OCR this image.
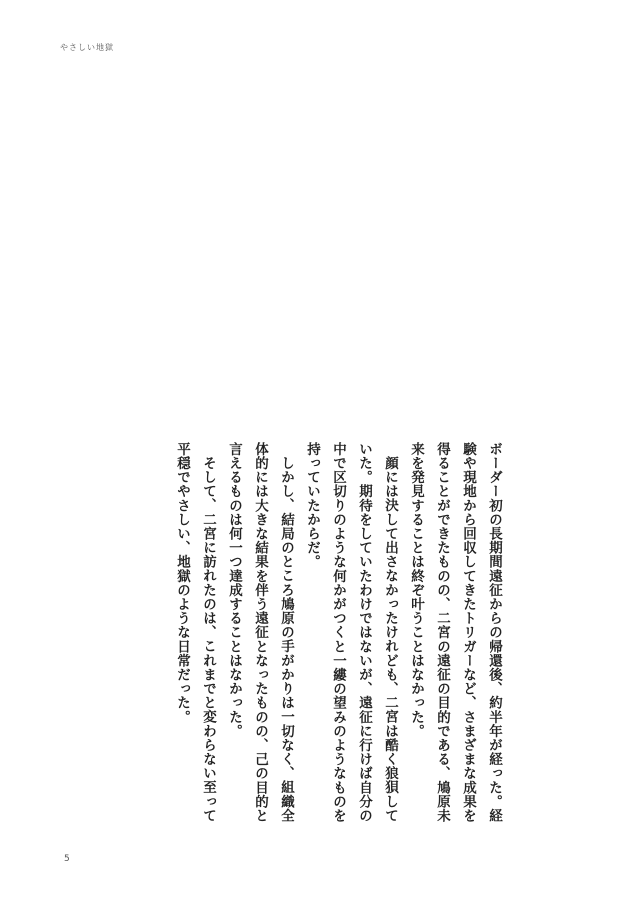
やさしい地獄

ボーダー初の長期間遠征からの帰還後、約半年が経った。経験や現地から回収してきたトリガーなど、さまざまな成果を得ることができたものの、二宮の遠征の目的である、鳩原未来を発見することは終ぞ叶うことはなかった。

顔には決して出さなかったけれども、二宮は酷く狼狽していた。期待をしていたわけではないが、遠征に行けば自分の中で区切りのような何かがつくと一縷の望みのようなものを持っていたからだ。

しかし、結局のところ鳩原の手がかりは一切なく、組織全体的には大きな結果を伴う遠征となったものの、己の目的と言えるものは何一つ達成することはなかった。

そして、二宮に訪れたのは、これまでと変わらない至って平穏でやさしい、地獄のような日常だった。

5
